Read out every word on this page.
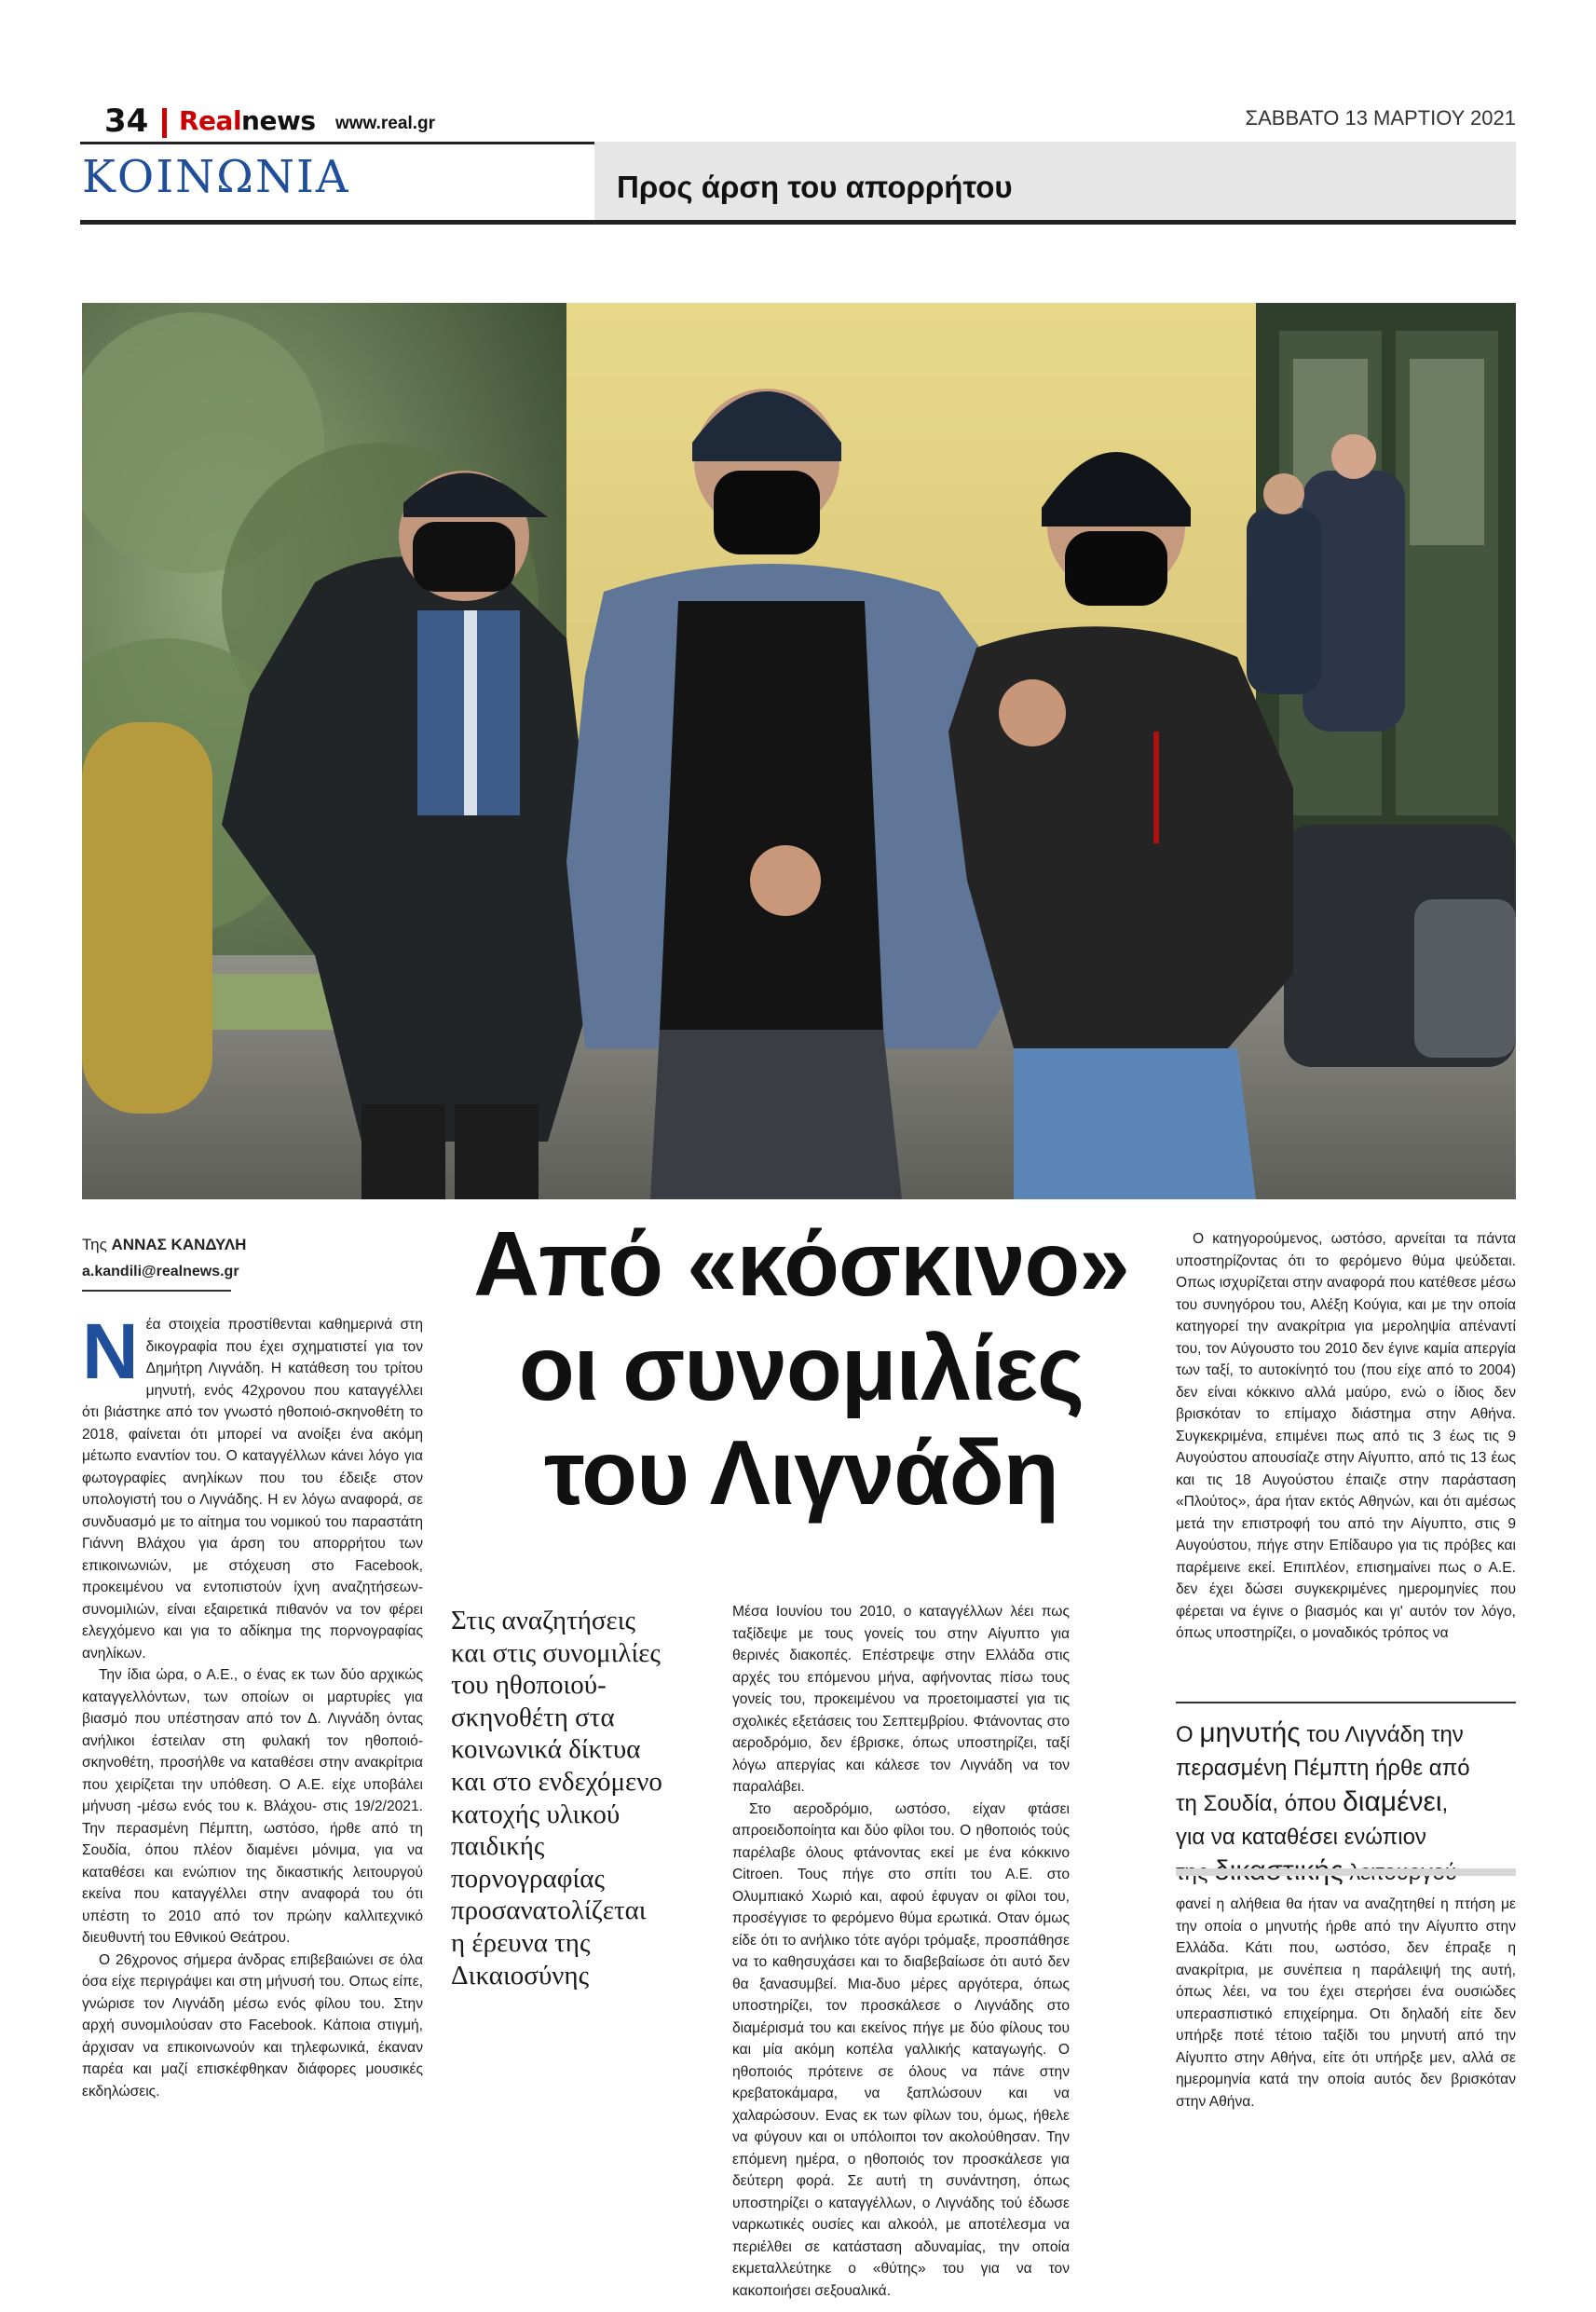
34 Realnews www.real.gr	ΣΑΒΒΑΤΟ 13 ΜΑΡΤΙΟΥ 2021
ΚΟΙΝΩΝΙΑ	Προς άρση του απορρήτου
Της ΑΝΝΑΣ ΚΑΝΔΥΛΗ
a.kandili@realnews.gr
Ν έα στοιχεία προστίθενται καθημερινά στη δικογραφία που έχει σχηματιστεί για τον Δημήτρη Λιγνάδη. Η κατάθεση του τρίτου μηνυτή, ενός 42χρονου που καταγγέλλει ότι βιάστηκε από τον γνωστό ηθοποιό-σκηνοθέτη το 2018, φαίνεται ότι μπορεί να ανοίξει ένα ακόμη μέτωπο εναντίον του. Ο καταγγέλλων κάνει λόγο για φωτογραφίες ανηλίκων που του έδειξε στον υπολογιστή του ο Λιγνάδης. Η εν λόγω αναφορά, σε συνδυασμό με το αίτημα του νομικού του παραστάτη Γιάννη Βλάχου για άρση του απορρήτου των επικοινωνιών, με στόχευση στο Facebook, προκειμένου να εντοπιστούν ίχνη αναζητήσεων-συνομιλιών, είναι εξαιρετικά πιθανόν να τον φέρει ελεγχόμενο και για το αδίκημα της πορνογραφίας ανηλίκων.

Την ίδια ώρα, ο Α.Ε., ο ένας εκ των δύο αρχικώς καταγγελλόντων, των οποίων οι μαρτυρίες για βιασμό που υπέστησαν από τον Δ. Λιγνάδη όντας ανήλικοι έστειλαν στη φυλακή τον ηθοποιό-σκηνοθέτη, προσήλθε να καταθέσει στην ανακρίτρια που χειρίζεται την υπόθεση. Ο Α.Ε. είχε υποβάλει μήνυση -μέσω ενός του κ. Βλάχου- στις 19/2/2021. Την περασμένη Πέμπτη, ωστόσο, ήρθε από τη Σουδία, όπου πλέον διαμένει μόνιμα, για να καταθέσει και ενώπιον της δικαστικής λειτουργού εκείνα που καταγγέλλει στην αναφορά του ότι υπέστη το 2010 από τον πρώην καλλιτεχνικό διευθυντή του Εθνικού Θεάτρου.

Ο 26χρονος σήμερα άνδρας επιβεβαιώνει σε όλα όσα είχε περιγράψει και στη μήνυσή του. Οπως είπε, γνώρισε τον Λιγνάδη μέσω ενός φίλου του. Στην αρχή συνομιλούσαν στο Facebook. Κάποια στιγμή, άρχισαν να επικοινωνούν και τηλεφωνικά, έκαναν παρέα και μαζί επισκέφθηκαν διάφορες μουσικές εκδηλώσεις.

Από «κόσκινο»
οι συνομιλίες
του Λιγνάδη
Στις αναζητήσεις
και στις συνομιλίες
του ηθοποιού-
σκηνοθέτη στα
κοινωνικά δίκτυα
και στο ενδεχόμενο
κατοχής υλικού
παιδικής
πορνογραφίας
προσανατολίζεται
η έρευνα της
Δικαιοσύνης

Μέσα Ιουνίου του 2010, ο καταγγέλλων λέει πως ταξίδεψε με τους γονείς του στην Αίγυπτο για θερινές διακοπές. Επέστρεψε στην Ελλάδα στις αρχές του επόμενου μήνα, αφήνοντας πίσω τους γονείς του, προκειμένου να προετοιμαστεί για τις σχολικές εξετάσεις του Σεπτεμβρίου. Φτάνοντας στο αεροδρόμιο, δεν έβρισκε, όπως υποστηρίζει, ταξί λόγω απεργίας και κάλεσε τον Λιγνάδη να τον παραλάβει.

Στο αεροδρόμιο, ωστόσο, είχαν φτάσει απροειδοποίητα και δύο φίλοι του. Ο ηθοποιός τούς παρέλαβε όλους φτάνοντας εκεί με ένα κόκκινο Citroen. Τους πήγε στο σπίτι του Α.Ε. στο Ολυμπιακό Χωριό και, αφού έφυγαν οι φίλοι του, προσέγγισε το φερόμενο θύμα ερωτικά. Οταν όμως είδε ότι το ανήλικο τότε αγόρι τρόμαξε, προσπάθησε να το καθησυχάσει και το διαβεβαίωσε ότι αυτό δεν θα ξανασυμβεί. Μια-δυο μέρες αργότερα, όπως υποστηρίζει, τον προσκάλεσε ο Λιγνάδης στο διαμέρισμά του και εκείνος πήγε με δύο φίλους του και μία ακόμη κοπέλα γαλλικής καταγωγής. Ο ηθοποιός πρότεινε σε όλους να πάνε στην κρεβατοκάμαρα, να ξαπλώσουν και να χαλαρώσουν. Ενας εκ των φίλων του, όμως, ήθελε να φύγουν και οι υπόλοιποι τον ακολούθησαν. Την επόμενη ημέρα, ο ηθοποιός τον προσκάλεσε για δεύτερη φορά. Σε αυτή τη συνάντηση, όπως υποστηρίζει ο καταγγέλλων, ο Λιγνάδης τού έδωσε ναρκωτικές ουσίες και αλκοόλ, με αποτέλεσμα να περιέλθει σε κατάσταση αδυναμίας, την οποία εκμεταλλεύτηκε ο «θύτης» του για να τον κακοποιήσει σεξουαλικά.

Ο κατηγορούμενος, ωστόσο, αρνείται τα πάντα υποστηρίζοντας ότι το φερόμενο θύμα ψεύδεται. Οπως ισχυρίζεται στην αναφορά που κατέθεσε μέσω του συνηγόρου του, Αλέξη Κούγια, και με την οποία κατηγορεί την ανακρίτρια για μεροληψία απέναντί του, τον Αύγουστο του 2010 δεν έγινε καμία απεργία των ταξί, το αυτοκίνητό του (που είχε από το 2004) δεν είναι κόκκινο αλλά μαύρο, ενώ ο ίδιος δεν βρισκόταν το επίμαχο διάστημα στην Αθήνα. Συγκεκριμένα, επιμένει πως από τις 3 έως τις 9 Αυγούστου απουσίαζε στην Αίγυπτο, από τις 13 έως και τις 18 Αυγούστου έπαιζε στην παράσταση «Πλούτος», άρα ήταν εκτός Αθηνών, και ότι αμέσως μετά την επιστροφή του από την Αίγυπτο, στις 9 Αυγούστου, πήγε στην Επίδαυρο για τις πρόβες και παρέμεινε εκεί. Επιπλέον, επισημαίνει πως ο Α.Ε. δεν έχει δώσει συγκεκριμένες ημερομηνίες που φέρεται να έγινε ο βιασμός και γι' αυτόν τον λόγο, όπως υποστηρίζει, ο μοναδικός τρόπος να

Ο μηνυτής του Λιγνάδη την
περασμένη Πέμπτη ήρθε από
τη Σουδία, όπου διαμένει,
για να καταθέσει ενώπιον

φανεί η αλήθεια θα ήταν να αναζητηθεί η πτήση με την οποία ο μηνυτής ήρθε από την Αίγυπτο στην Ελλάδα. Κάτι που, ωστόσο, δεν έπραξε η ανακρίτρια, με συνέπεια η παράλειψή της αυτή, όπως λέει, να του έχει στερήσει ένα ουσιώδες υπερασπιστικό επιχείρημα. Οτι δηλαδή είτε δεν υπήρξε ποτέ τέτοιο ταξίδι του μηνυτή από την Αίγυπτο στην Αθήνα, είτε ότι υπήρξε μεν, αλλά σε ημερομηνία κατά την οποία αυτός δεν βρισκόταν στην Αθήνα.
